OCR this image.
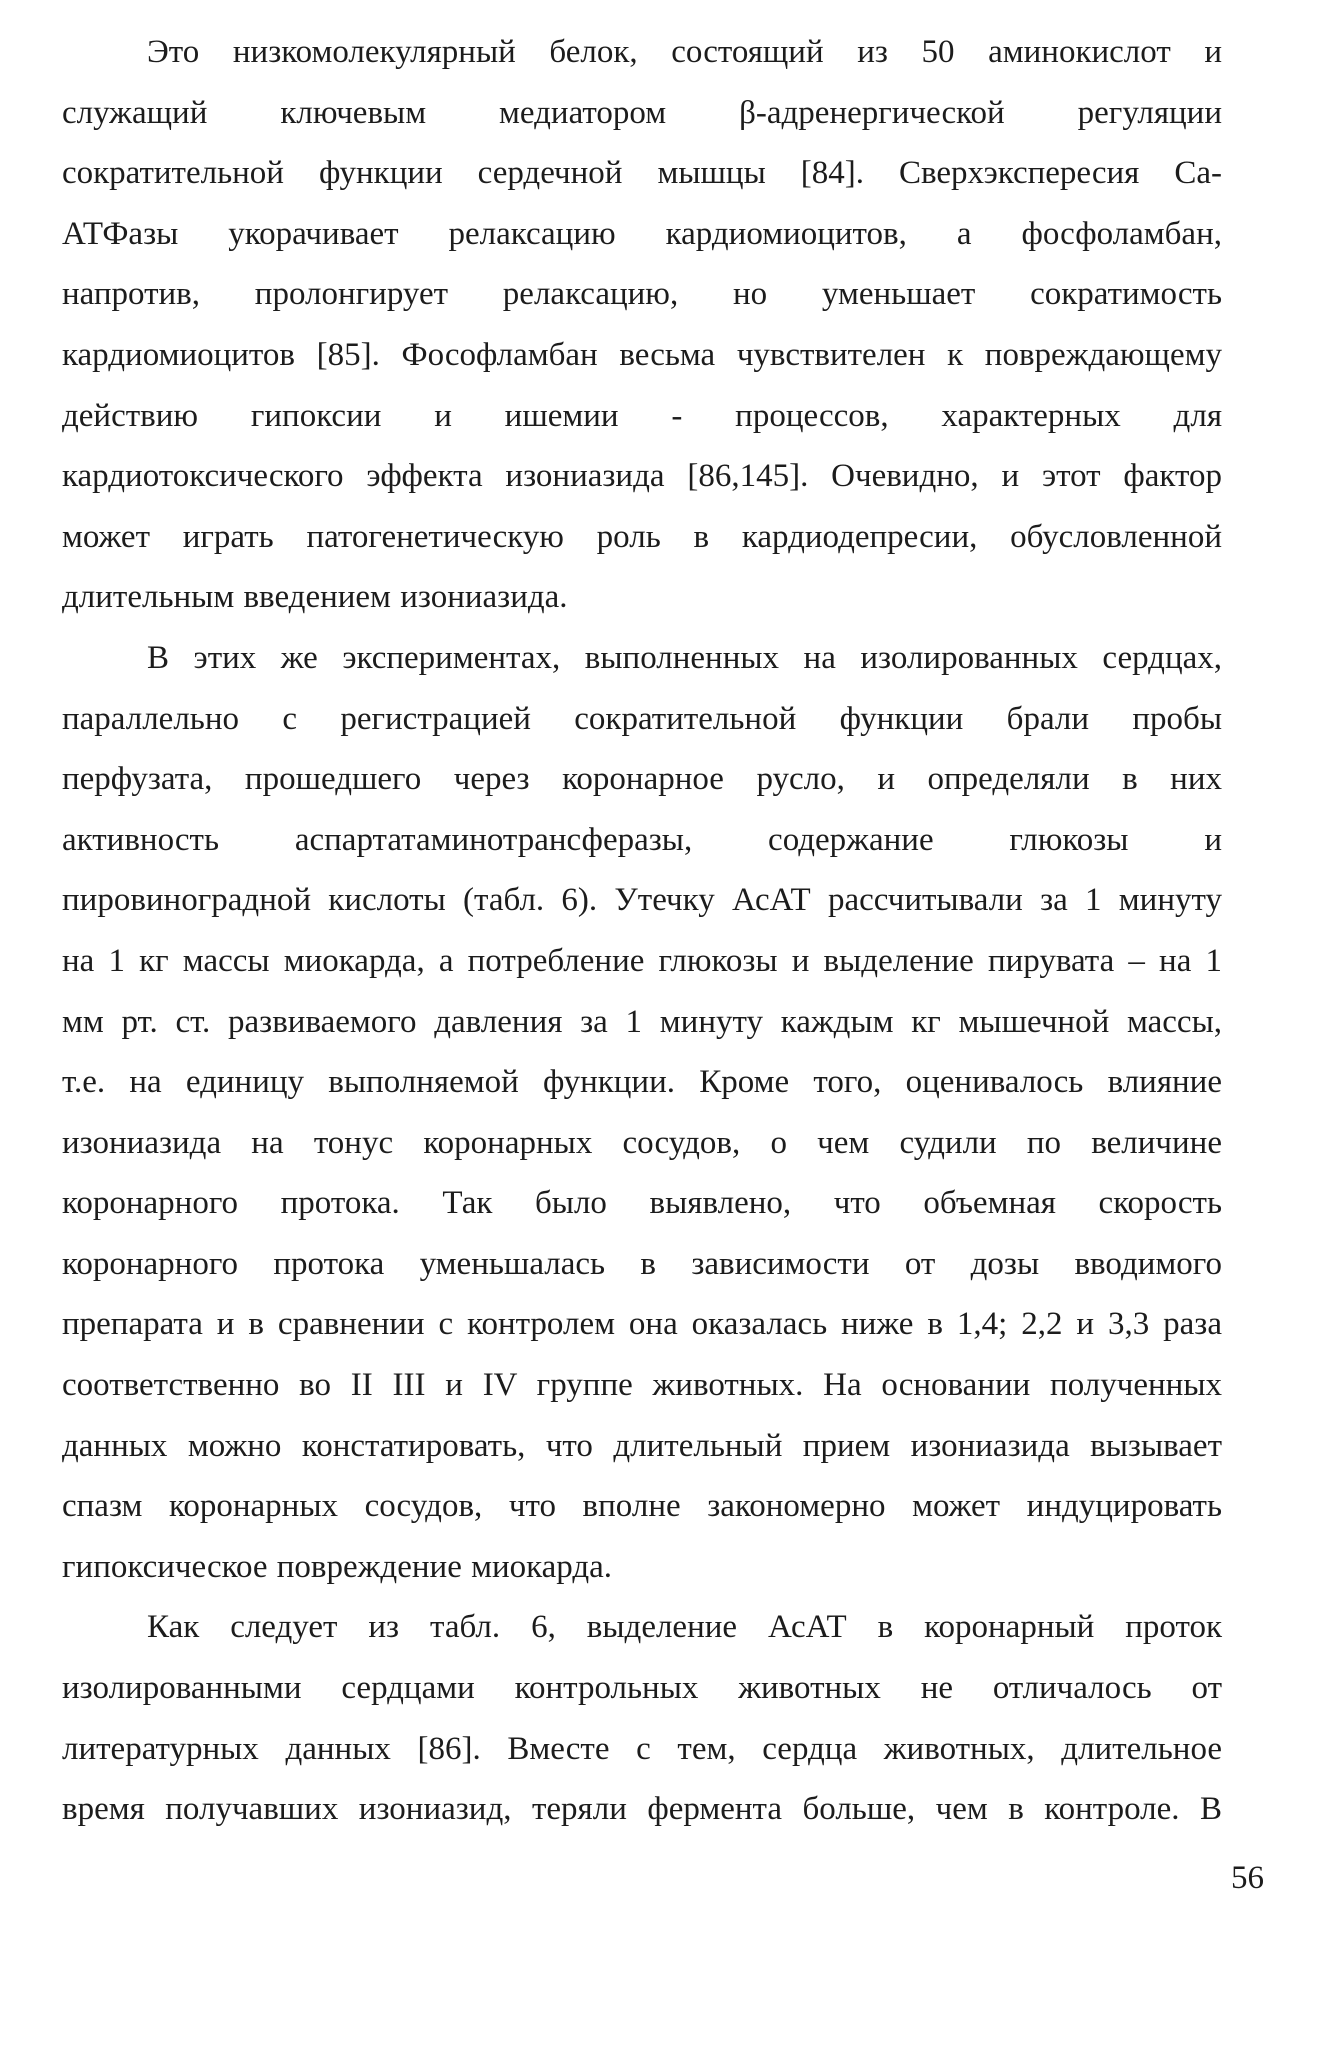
Это низкомолекулярный белок, состоящий из 50 аминокислот и
служащий ключевым медиатором β-адренергической регуляции
сократительной функции сердечной мышцы [84]. Сверхэкспересия Ca-
АТФазы укорачивает релаксацию кардиомиоцитов, а фосфоламбан,
напротив, пролонгирует релаксацию, но уменьшает сократимость
кардиомиоцитов [85]. Фософламбан весьма чувствителен к повреждающему
действию гипоксии и ишемии - процессов, характерных для
кардиотоксического эффекта изониазида [86,145]. Очевидно, и этот фактор
может играть патогенетическую роль в кардиодепресии, обусловленной
длительным введением изониазида.

В этих же экспериментах, выполненных на изолированных сердцах,
параллельно с регистрацией сократительной функции брали пробы
перфузата, прошедшего через коронарное русло, и определяли в них
активность аспартатаминотрансферазы, содержание глюкозы и
пировиноградной кислоты (табл. 6). Утечку АсАТ рассчитывали за 1 минуту
на 1 кг массы миокарда, а потребление глюкозы и выделение пирувата – на 1
мм рт. ст. развиваемого давления за 1 минуту каждым кг мышечной массы,
т.е. на единицу выполняемой функции. Кроме того, оценивалось влияние
изониазида на тонус коронарных сосудов, о чем судили по величине
коронарного протока. Так было выявлено, что объемная скорость
коронарного протока уменьшалась в зависимости от дозы вводимого
препарата и в сравнении с контролем она оказалась ниже в 1,4; 2,2 и 3,3 раза
соответственно во II III и IV группе животных. На основании полученных
данных можно констатировать, что длительный прием изониазида вызывает
спазм коронарных сосудов, что вполне закономерно может индуцировать
гипоксическое повреждение миокарда.

Как следует из табл. 6, выделение АсАТ в коронарный проток
изолированными сердцами контрольных животных не отличалось от
литературных данных [86]. Вместе с тем, сердца животных, длительное
время получавших изониазид, теряли фермента больше, чем в контроле. В

56
